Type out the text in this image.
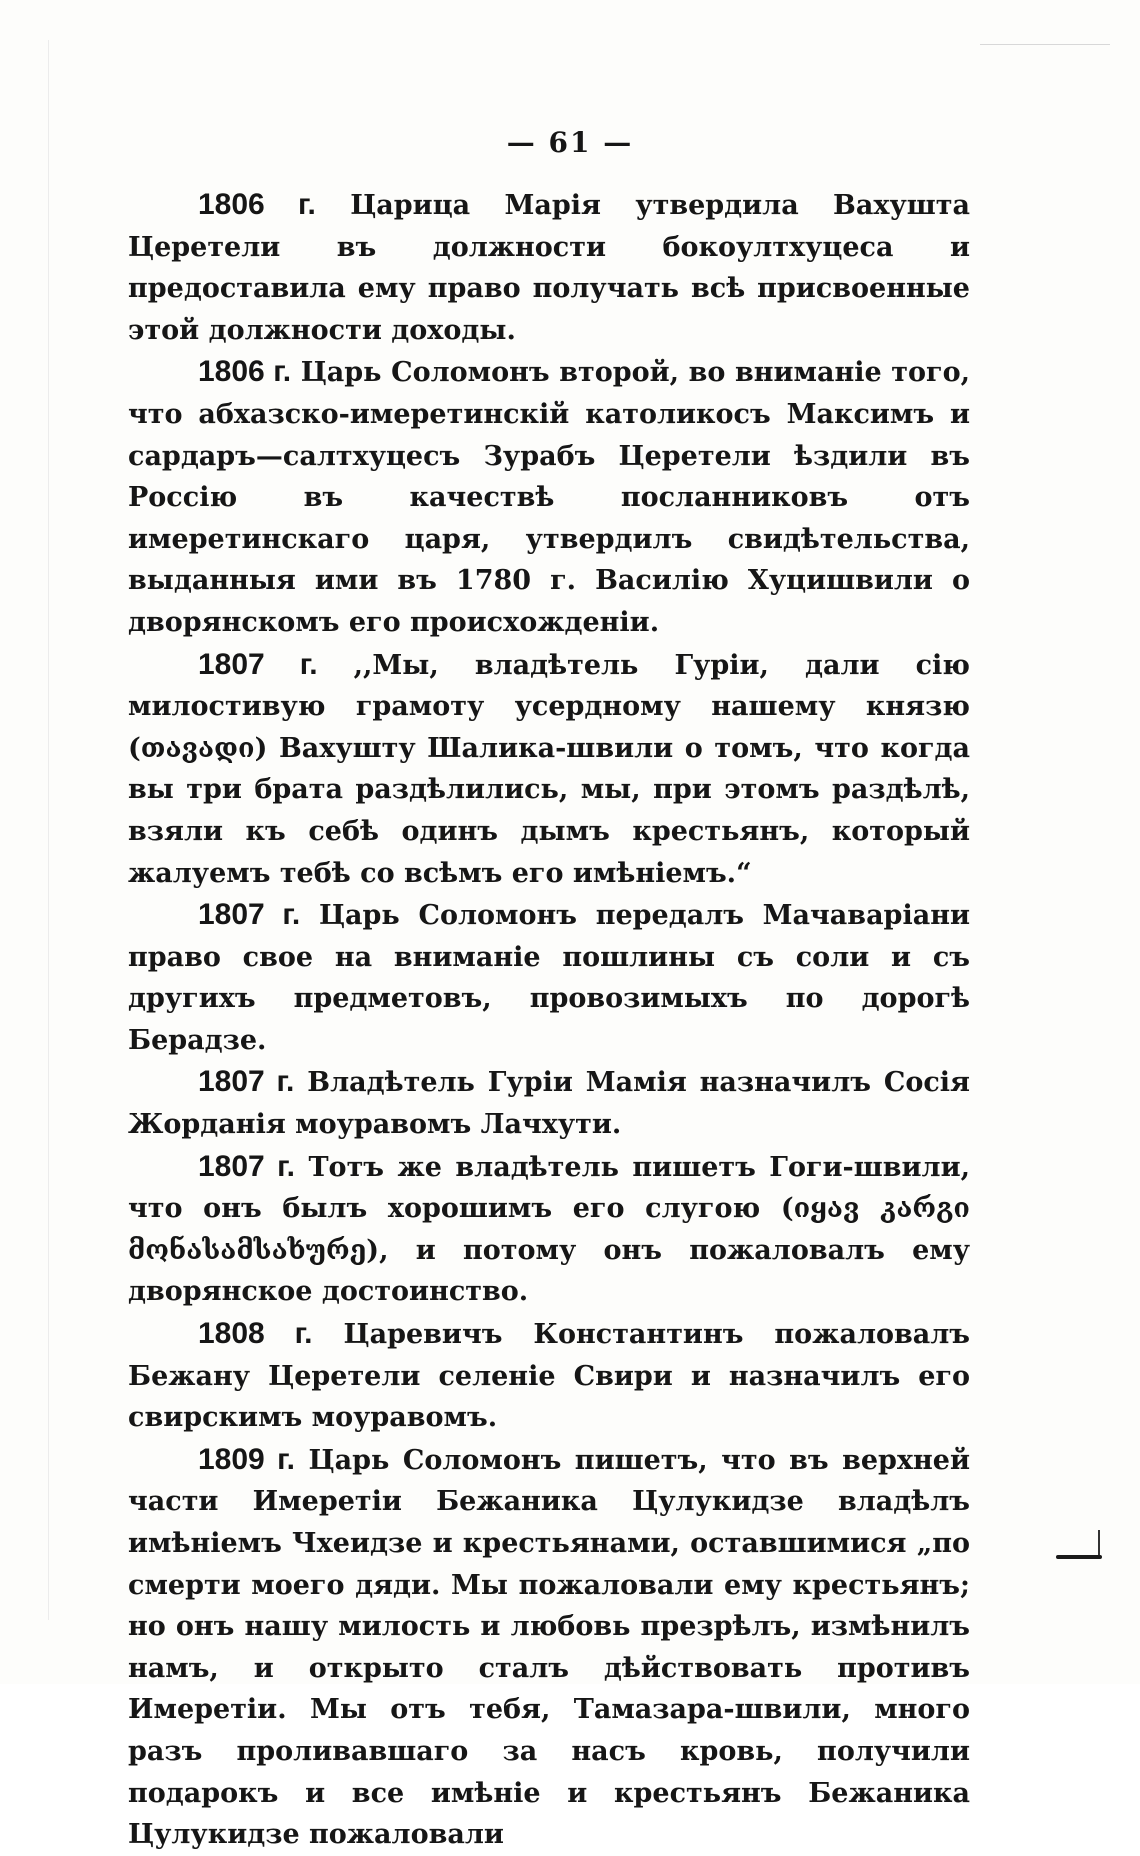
— 61 —

1806 г. Царица Марія утвердила Вахушта Церетели въ должности бокоултхуцеса и предоставила ему право получать всѣ присвоенные этой должности доходы.

1806 г. Царь Соломонъ второй, во вниманіе того, что абхазско-имеретинскій католикосъ Максимъ и сардаръ—салтхуцесъ Зурабъ Церетели ѣздили въ Россію въ качествѣ посланниковъ отъ имеретинскаго царя, утвердилъ свидѣтельства, выданныя ими въ 1780 г. Василію Хуцишвили о дворянскомъ его происхожденіи.

1807 г. ,,Мы, владѣтель Гуріи, дали сію милостивую грамоту усердному нашему князю (თავადი) Вахушту Шалика-швили о томъ, что когда вы три брата раздѣлились, мы, при этомъ раздѣлѣ, взяли къ себѣ одинъ дымъ крестьянъ, который жалуемъ тебѣ со всѣмъ его имѣніемъ.“

1807 г. Царь Соломонъ передалъ Мачаваріани право свое на вниманіе пошлины съ соли и съ другихъ предметовъ, провозимыхъ по дорогѣ Берадзе.

1807 г. Владѣтель Гуріи Мамія назначилъ Сосія Жорданія моуравомъ Лачхути.

1807 г. Тотъ же владѣтель пишетъ Гоги-швили, что онъ былъ хорошимъ его слугою (იყავ კარგი მონასამსახურე), и потому онъ пожаловалъ ему дворянское достоинство.

1808 г. Царевичъ Константинъ пожаловалъ Бежану Церетели селеніе Свири и назначилъ его свирскимъ моуравомъ.

1809 г. Царь Соломонъ пишетъ, что въ верхней части Имеретіи Бежаника Цулукидзе владѣлъ имѣніемъ Чхеидзе и крестьянами, оставшимися „по смерти моего дяди. Мы пожаловали ему крестьянъ; но онъ нашу милость и любовь презрѣлъ, измѣнилъ намъ, и открыто сталъ дѣйствовать противъ Имеретіи. Мы отъ тебя, Тамазара-швили, много разъ проливавшаго за насъ кровь, получили подарокъ и все имѣніе и крестьянъ Бежаника Цулукидзе пожаловали
